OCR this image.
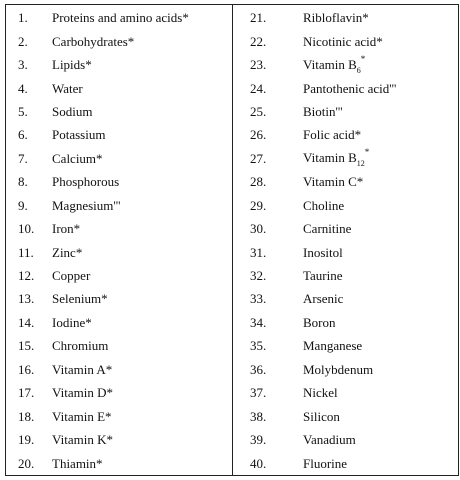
1.	Proteins and amino acids*
2.	Carbohydrates*
3.	Lipids*
4.	Water
5.	Sodium
6.	Potassium
7.	Calcium*
8.	Phosphorous
9.	Magnesium'''
10.	Iron*
11.	Zinc*
12.	Copper
13.	Selenium*
14.	Iodine*
15.	Chromium
16.	Vitamin A*
17.	Vitamin D*
18.	Vitamin E*
19.	Vitamin K*
20.	Thiamin*
21.	Ribloflavin*
22.	Nicotinic acid*
23.	Vitamin $B_6^*$
24.	Pantothenic acid'''
25.	Biotin'''
26.	Folic acid*
27.	Vitamin $B_{12}^*$
28.	Vitamin C*
29.	Choline
30.	Carnitine
31.	Inositol
32.	Taurine
33.	Arsenic
34.	Boron
35.	Manganese
36.	Molybdenum
37.	Nickel
38.	Silicon
39.	Vanadium
40.	Fluorine
